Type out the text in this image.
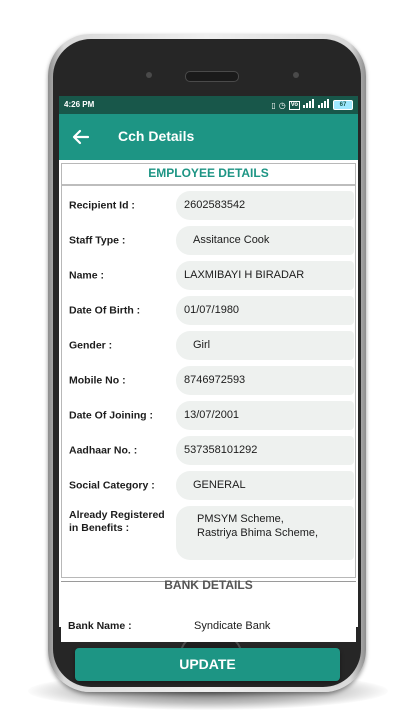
4:26 PM	▯ ◷ Vo	67
Cch Details
EMPLOYEE DETAILS
Recipient Id :	2602583542
Staff Type :	Assitance Cook
Name :	LAXMIBAYI H BIRADAR
Date Of Birth :	01/07/1980
Gender :	Girl
Mobile No :	8746972593
Date Of Joining :	13/07/2001
Aadhaar No. :	537358101292
Social Category :	GENERAL
Already Registered
in Benefits :
PMSYM Scheme,
Rastriya Bhima Scheme,
BANK DETAILS
Bank Name :	Syndicate Bank
UPDATE
